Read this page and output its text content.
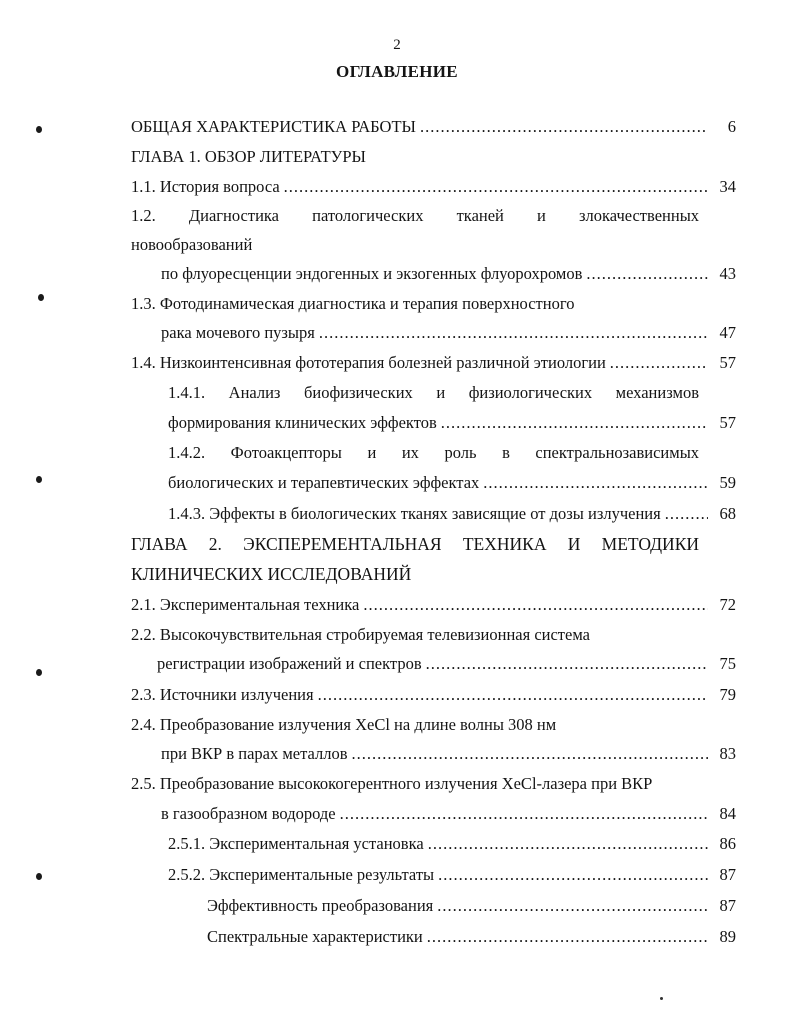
2
ОГЛАВЛЕНИЕ
ОБЩАЯ ХАРАКТЕРИСТИКА РАБОТЫ .....	6
ГЛАВА 1. ОБЗОР ЛИТЕРАТУРЫ
1.1. История вопроса .....	34
1.2. Диагностика патологических тканей и злокачественных
новообразований
по флуоресценции эндогенных и экзогенных флуорохромов .....	43
1.3. Фотодинамическая диагностика и терапия поверхностного
рака мочевого пузыря .....	47
1.4. Низкоинтенсивная фототерапия болезней различной этиологии .....	57
1.4.1. Анализ биофизических и физиологических механизмов
формирования клинических эффектов .....	57
1.4.2. Фотоакцепторы и их роль в спектральнозависимых
биологических и терапевтических эффектах .....	59
1.4.3. Эффекты в биологических тканях зависящие от дозы излучения .....	68
ГЛАВА 2. ЭКСПЕРЕМЕНТАЛЬНАЯ ТЕХНИКА И МЕТОДИКИ
КЛИНИЧЕСКИХ ИССЛЕДОВАНИЙ
2.1. Экспериментальная техника .....	72
2.2. Высокочувствительная стробируемая телевизионная система
регистрации изображений и спектров .....	75
2.3. Источники излучения .....	79
2.4. Преобразование излучения XeCl на длине волны 308 нм
при ВКР в парах металлов .....	83
2.5. Преобразование высококогерентного излучения XeCl-лазера при ВКР
в газообразном водороде .....	84
2.5.1. Экспериментальная установка .....	86
2.5.2. Экспериментальные результаты .....	87
Эффективность преобразования .....	87
Спектральные характеристики .....	89
